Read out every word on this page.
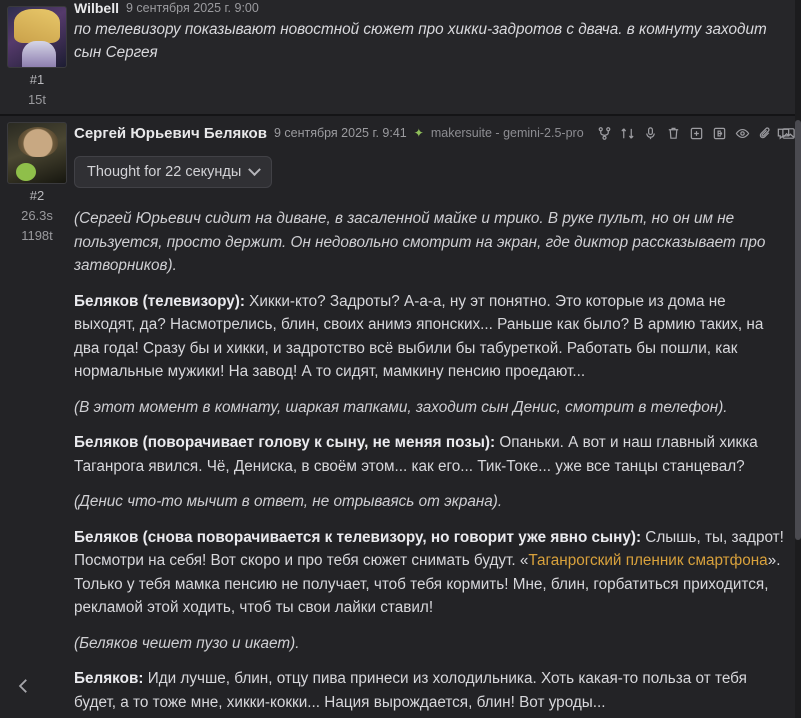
#1
15t
Wilbell 9 сентября 2025 г. 9:00

по телевизору показывают новостной сюжет про хикки-задротов с двача. в комнуту заходит сын Сергея

#2
26.3s
1198t
Сергей Юрьевич Беляков 9 сентября 2025 г. 9:41 ✦ makersuite - gemini-2.5-pro
Thought for 22 секунды

(Сергей Юрьевич сидит на диване, в засаленной майке и трико. В руке пульт, но он им не пользуется, просто держит. Он недовольно смотрит на экран, где диктор рассказывает про затворников).

Беляков (телевизору): Хикки-кто? Задроты? А-а-а, ну эт понятно. Это которые из дома не выходят, да? Насмотрелись, блин, своих анимэ японских... Раньше как было? В армию таких, на два года! Сразу бы и хикки, и задротство всё выбили бы табуреткой. Работать бы пошли, как нормальные мужики! На завод! А то сидят, мамкину пенсию проедают...

(В этот момент в комнату, шаркая тапками, заходит сын Денис, смотрит в телефон).

Беляков (поворачивает голову к сыну, не меняя позы): Опаньки. А вот и наш главный хикка Таганрога явился. Чё, Дениска, в своём этом... как его... Тик-Токе... уже все танцы станцевал?

(Денис что-то мычит в ответ, не отрываясь от экрана).

Беляков (снова поворачивается к телевизору, но говорит уже явно сыну): Слышь, ты, задрот! Посмотри на себя! Вот скоро и про тебя сюжет снимать будут. «Таганрогский пленник смартфона». Только у тебя мамка пенсию не получает, чтоб тебя кормить! Мне, блин, горбатиться приходится, рекламой этой ходить, чтоб ты свои лайки ставил!

(Беляков чешет пузо и икает).

Беляков: Иди лучше, блин, отцу пива принеси из холодильника. Хоть какая-то польза от тебя будет, а то тоже мне, хикки-кокки... Нация вырождается, блин! Вот уроды...
